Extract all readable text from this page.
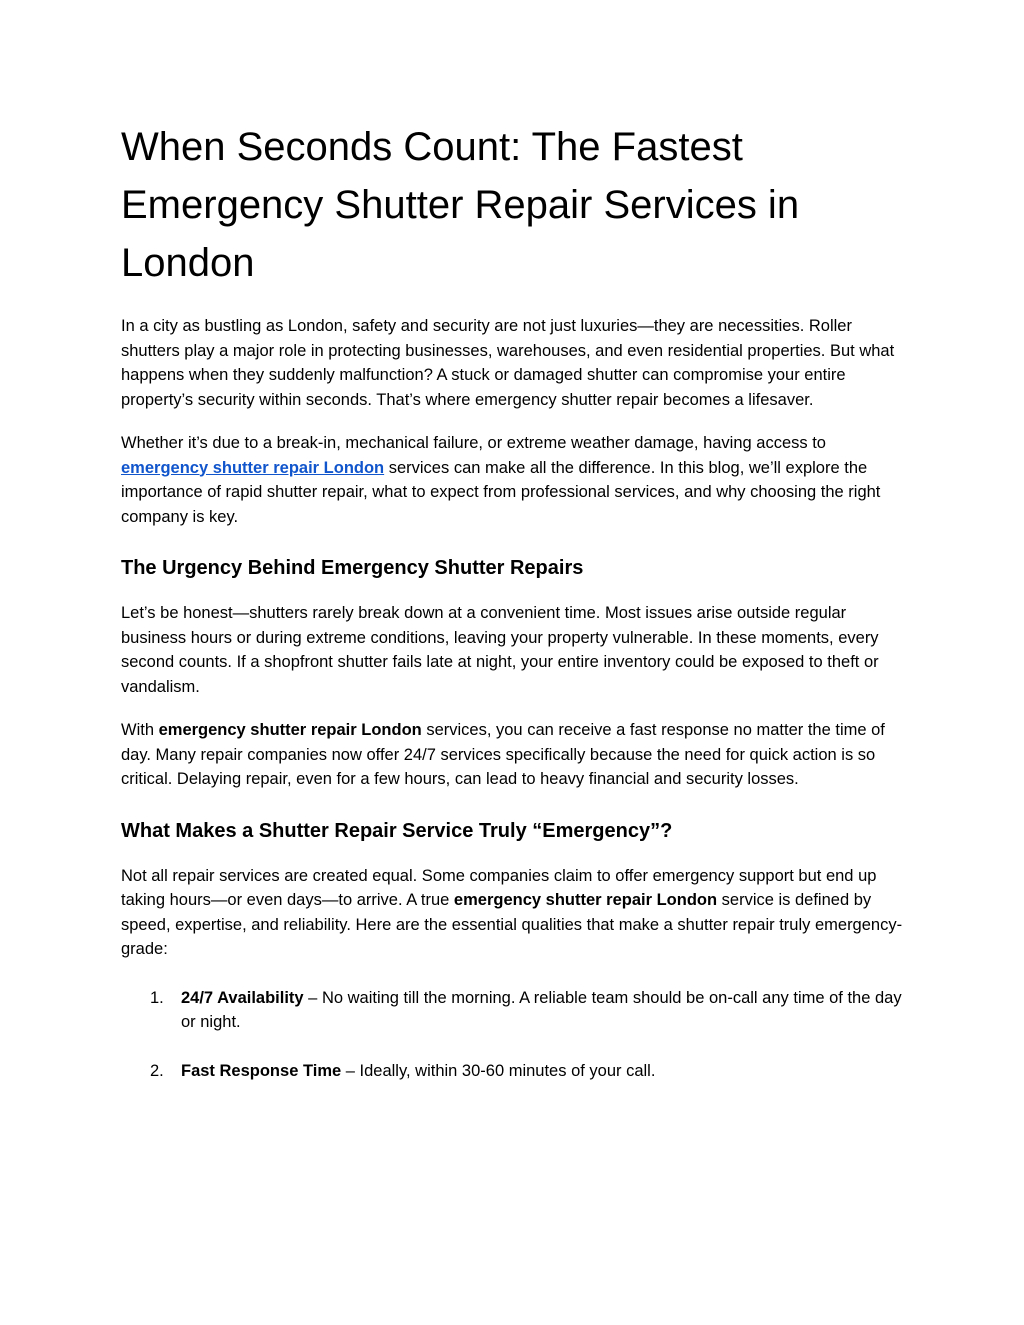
When Seconds Count: The Fastest Emergency Shutter Repair Services in London

In a city as bustling as London, safety and security are not just luxuries—they are necessities. Roller shutters play a major role in protecting businesses, warehouses, and even residential properties. But what happens when they suddenly malfunction? A stuck or damaged shutter can compromise your entire property’s security within seconds. That’s where emergency shutter repair becomes a lifesaver.

Whether it’s due to a break-in, mechanical failure, or extreme weather damage, having access to emergency shutter repair London services can make all the difference. In this blog, we’ll explore the importance of rapid shutter repair, what to expect from professional services, and why choosing the right company is key.

The Urgency Behind Emergency Shutter Repairs

Let’s be honest—shutters rarely break down at a convenient time. Most issues arise outside regular business hours or during extreme conditions, leaving your property vulnerable. In these moments, every second counts. If a shopfront shutter fails late at night, your entire inventory could be exposed to theft or vandalism.

With emergency shutter repair London services, you can receive a fast response no matter the time of day. Many repair companies now offer 24/7 services specifically because the need for quick action is so critical. Delaying repair, even for a few hours, can lead to heavy financial and security losses.

What Makes a Shutter Repair Service Truly “Emergency”?

Not all repair services are created equal. Some companies claim to offer emergency support but end up taking hours—or even days—to arrive. A true emergency shutter repair London service is defined by speed, expertise, and reliability. Here are the essential qualities that make a shutter repair truly emergency-grade:

1. 24/7 Availability – No waiting till the morning. A reliable team should be on-call any time of the day or night.
2. Fast Response Time – Ideally, within 30-60 minutes of your call.
